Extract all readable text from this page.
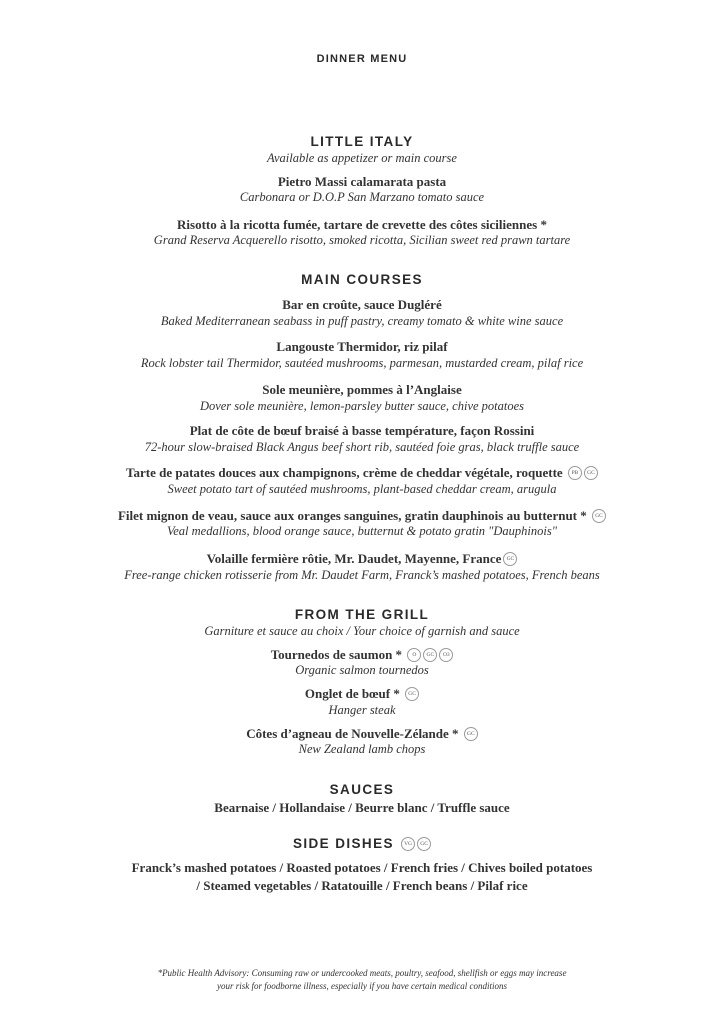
DINNER MENU
LITTLE ITALY
Available as appetizer or main course
Pietro Massi calamarata pasta
Carbonara or D.O.P San Marzano tomato sauce
Risotto à la ricotta fumée, tartare de crevette des côtes siciliennes *
Grand Reserva Acquerello risotto, smoked ricotta, Sicilian sweet red prawn tartare
MAIN COURSES
Bar en croûte, sauce Dugléré
Baked Mediterranean seabass in puff pastry, creamy tomato & white wine sauce
Langouste Thermidor, riz pilaf
Rock lobster tail Thermidor, sautéed mushrooms, parmesan, mustarded cream, pilaf rice
Sole meunière, pommes à l’Anglaise
Dover sole meunière, lemon-parsley butter sauce, chive potatoes
Plat de côte de bœuf braisé à basse température, façon Rossini
72-hour slow-braised Black Angus beef short rib, sautéed foie gras, black truffle sauce
Tarte de patates douces aux champignons, crème de cheddar végétale, roquette PB GC
Sweet potato tart of sautéed mushrooms, plant-based cheddar cream, arugula
Filet mignon de veau, sauce aux oranges sanguines, gratin dauphinois au butternut * GC
Veal medallions, blood orange sauce, butternut & potato gratin "Dauphinois"
Volaille fermière rôtie, Mr. Daudet, Mayenne, France GC
Free-range chicken rotisserie from Mr. Daudet Farm, Franck’s mashed potatoes, French beans
FROM THE GRILL
Garniture et sauce au choix / Your choice of garnish and sauce
Tournedos de saumon * O GC O3
Organic salmon tournedos
Onglet de bœuf * GC
Hanger steak
Côtes d’agneau de Nouvelle-Zélande * GC
New Zealand lamb chops
SAUCES
Bearnaise / Hollandaise / Beurre blanc / Truffle sauce
SIDE DISHES VG GC
Franck’s mashed potatoes / Roasted potatoes / French fries / Chives boiled potatoes
/ Steamed vegetables / Ratatouille / French beans / Pilaf rice
*Public Health Advisory: Consuming raw or undercooked meats, poultry, seafood, shellfish or eggs may increase
your risk for foodborne illness, especially if you have certain medical conditions
